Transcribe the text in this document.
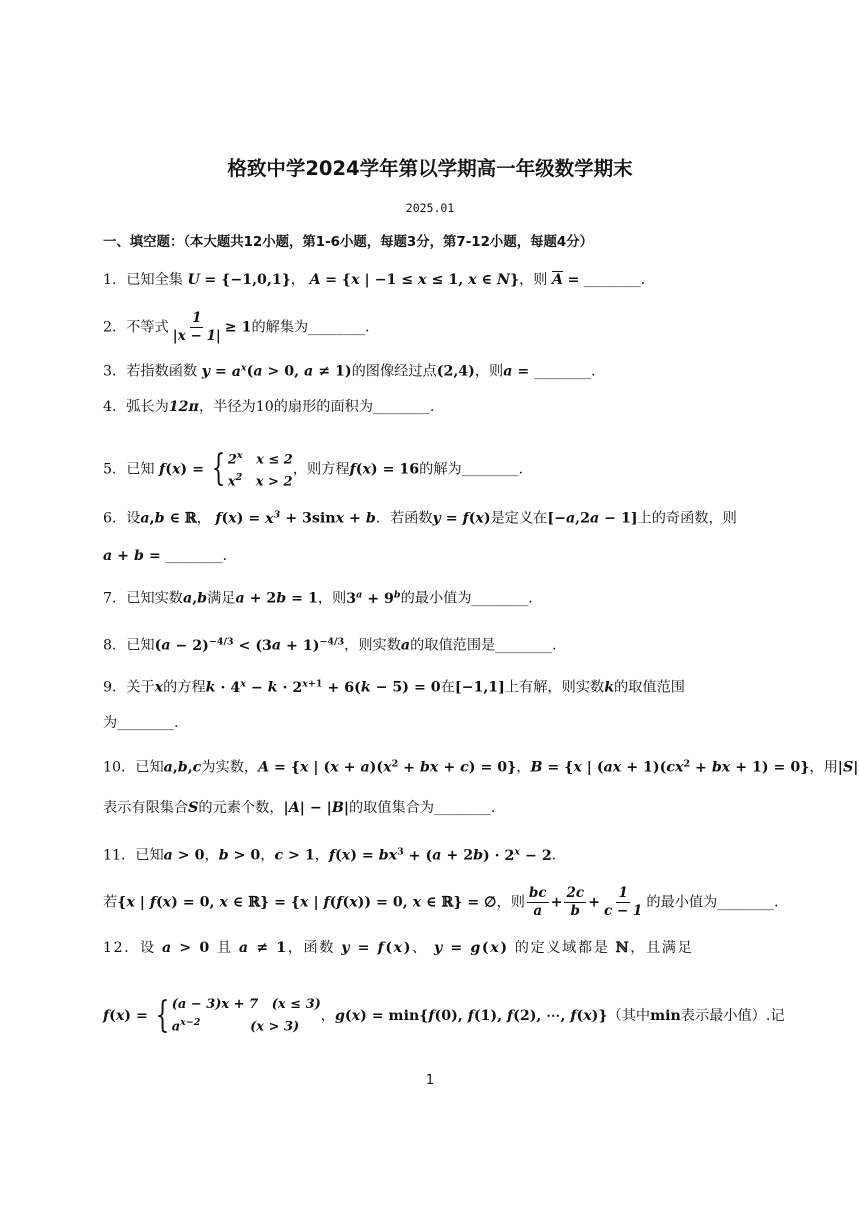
格致中学2024学年第以学期高一年级数学期末
2025.01
一、填空题：（本大题共12小题，第1-6小题，每题3分，第7-12小题，每题4分）
1．已知全集 U = {−1,0,1}， A = {x | −1 ≤ x ≤ 1, x ∈ N}，则 $\overline{A}$ = ________.
2．不等式 $\frac{1}{|x - 1|} \ge 1$的解集为________.
3．若指数函数 $y = a^x(a > 0$, a ≠ 1)的图像经过点(2,4)，则a = ________.
4．弧长为12π，半径为10的扇形的面积为________.
5．已知 f(x) = { 2$^x$   x ≤ 2
$x^2$   x > 2
，则方程f(x) = 16的解为________.
6．设a,b ∈ ℝ， $f(x) = x^3 + 3\sin x + b$．若函数y = f(x)是定义在[−a,2a − 1]上的奇函数，则
a + b = ________.
7．已知实数a,b满足a + 2b = 1，则$3^a + 9^b$的最小值为________.
8．已知$(a - 2)^{-4/3} < (3a + 1)^{-4/3}$，则实数a的取值范围是________.
9．关于x的方程$k \cdot 4^x - k \cdot 2^{x+1} + 6(k - 5) = 0$在[−1,1]上有解，则实数k的取值范围
为________.
10．已知a,b,c为实数，A = {x | $(x + a)(x^2$ + bx + c) = 0}，B = {x | $(ax + 1)(cx^2$ + bx + 1) = 0}，用|S|
表示有限集合S的元素个数，|A| − |B|的取值集合为________.
11．已知a > 0，b > 0，c > 1，$f(x) = bx^3 + (a + 2b) \cdot 2^x - 2$.
若{x | f(x) = 0, x ∈ ℝ} = {x | f(f(x)) = 0, x ∈ ℝ} = ∅，则 $\frac{bc}{a} + \frac{2c}{b} + \frac{1}{c - 1}$ 的最小值为________.
12．设 a > 0 且 a ≠ 1，函数 y = f(x)、 y = g(x) 的定义域都是 ℕ，且满足
f(x) = { (a − 3)x + 7   (x ≤ 3)
$a^{x-2}$           (x > 3)
，g(x) = min{f(0), f(1), f(2), ⋯, f(x)}（其中min表示最小值）.记
1
